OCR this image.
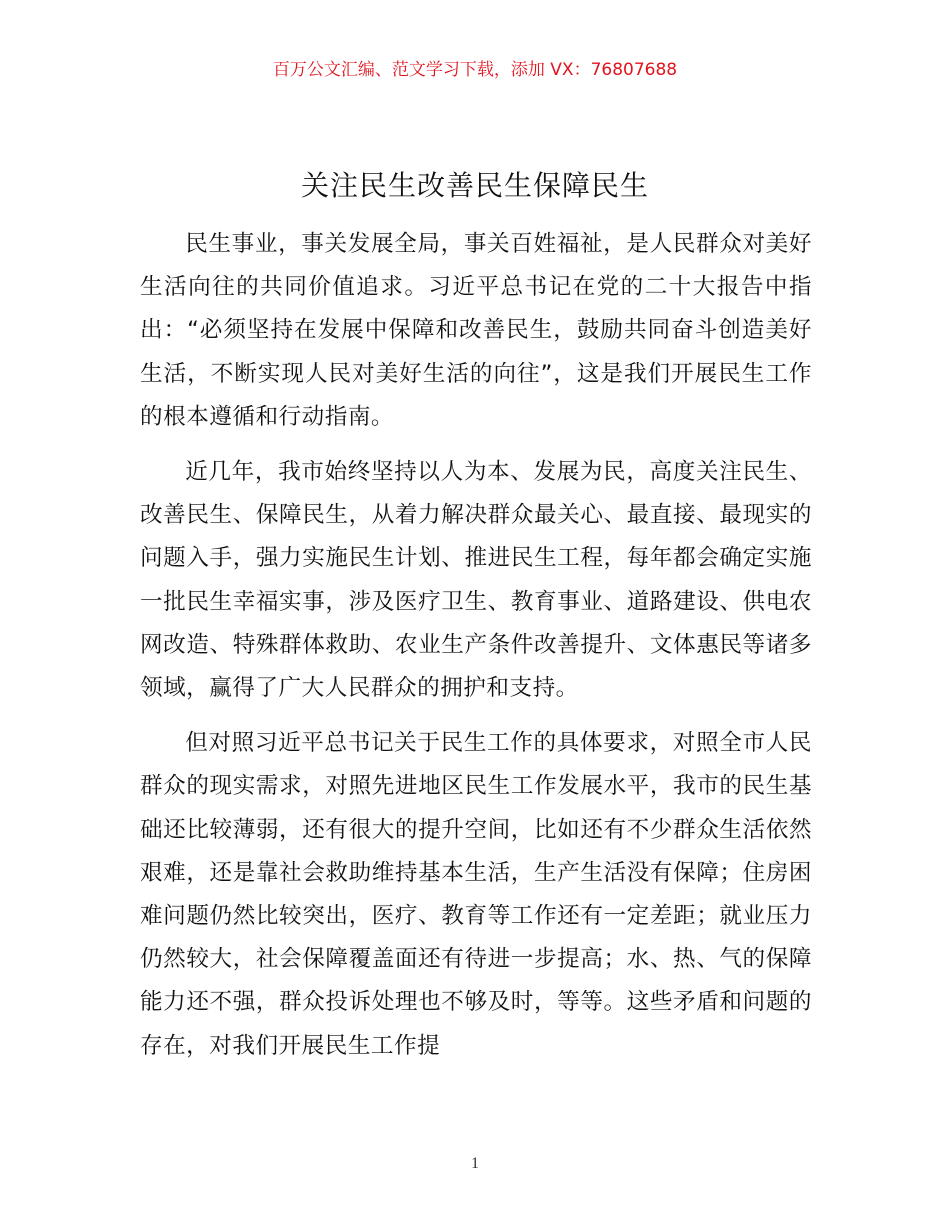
百万公文汇编、范文学习下载，添加 VX：76807688
关注民生改善民生保障民生

民生事业，事关发展全局，事关百姓福祉，是人民群众对美好生活向往的共同价值追求。习近平总书记在党的二十大报告中指出：“必须坚持在发展中保障和改善民生，鼓励共同奋斗创造美好生活，不断实现人民对美好生活的向往”，这是我们开展民生工作的根本遵循和行动指南。

近几年，我市始终坚持以人为本、发展为民，高度关注民生、改善民生、保障民生，从着力解决群众最关心、最直接、最现实的问题入手，强力实施民生计划、推进民生工程，每年都会确定实施一批民生幸福实事，涉及医疗卫生、教育事业、道路建设、供电农网改造、特殊群体救助、农业生产条件改善提升、文体惠民等诸多领域，赢得了广大人民群众的拥护和支持。

但对照习近平总书记关于民生工作的具体要求，对照全市人民群众的现实需求，对照先进地区民生工作发展水平，我市的民生基础还比较薄弱，还有很大的提升空间，比如还有不少群众生活依然艰难，还是靠社会救助维持基本生活，生产生活没有保障；住房困难问题仍然比较突出，医疗、教育等工作还有一定差距；就业压力仍然较大，社会保障覆盖面还有待进一步提高；水、热、气的保障能力还不强，群众投诉处理也不够及时，等等。这些矛盾和问题的存在，对我们开展民生工作提

1
